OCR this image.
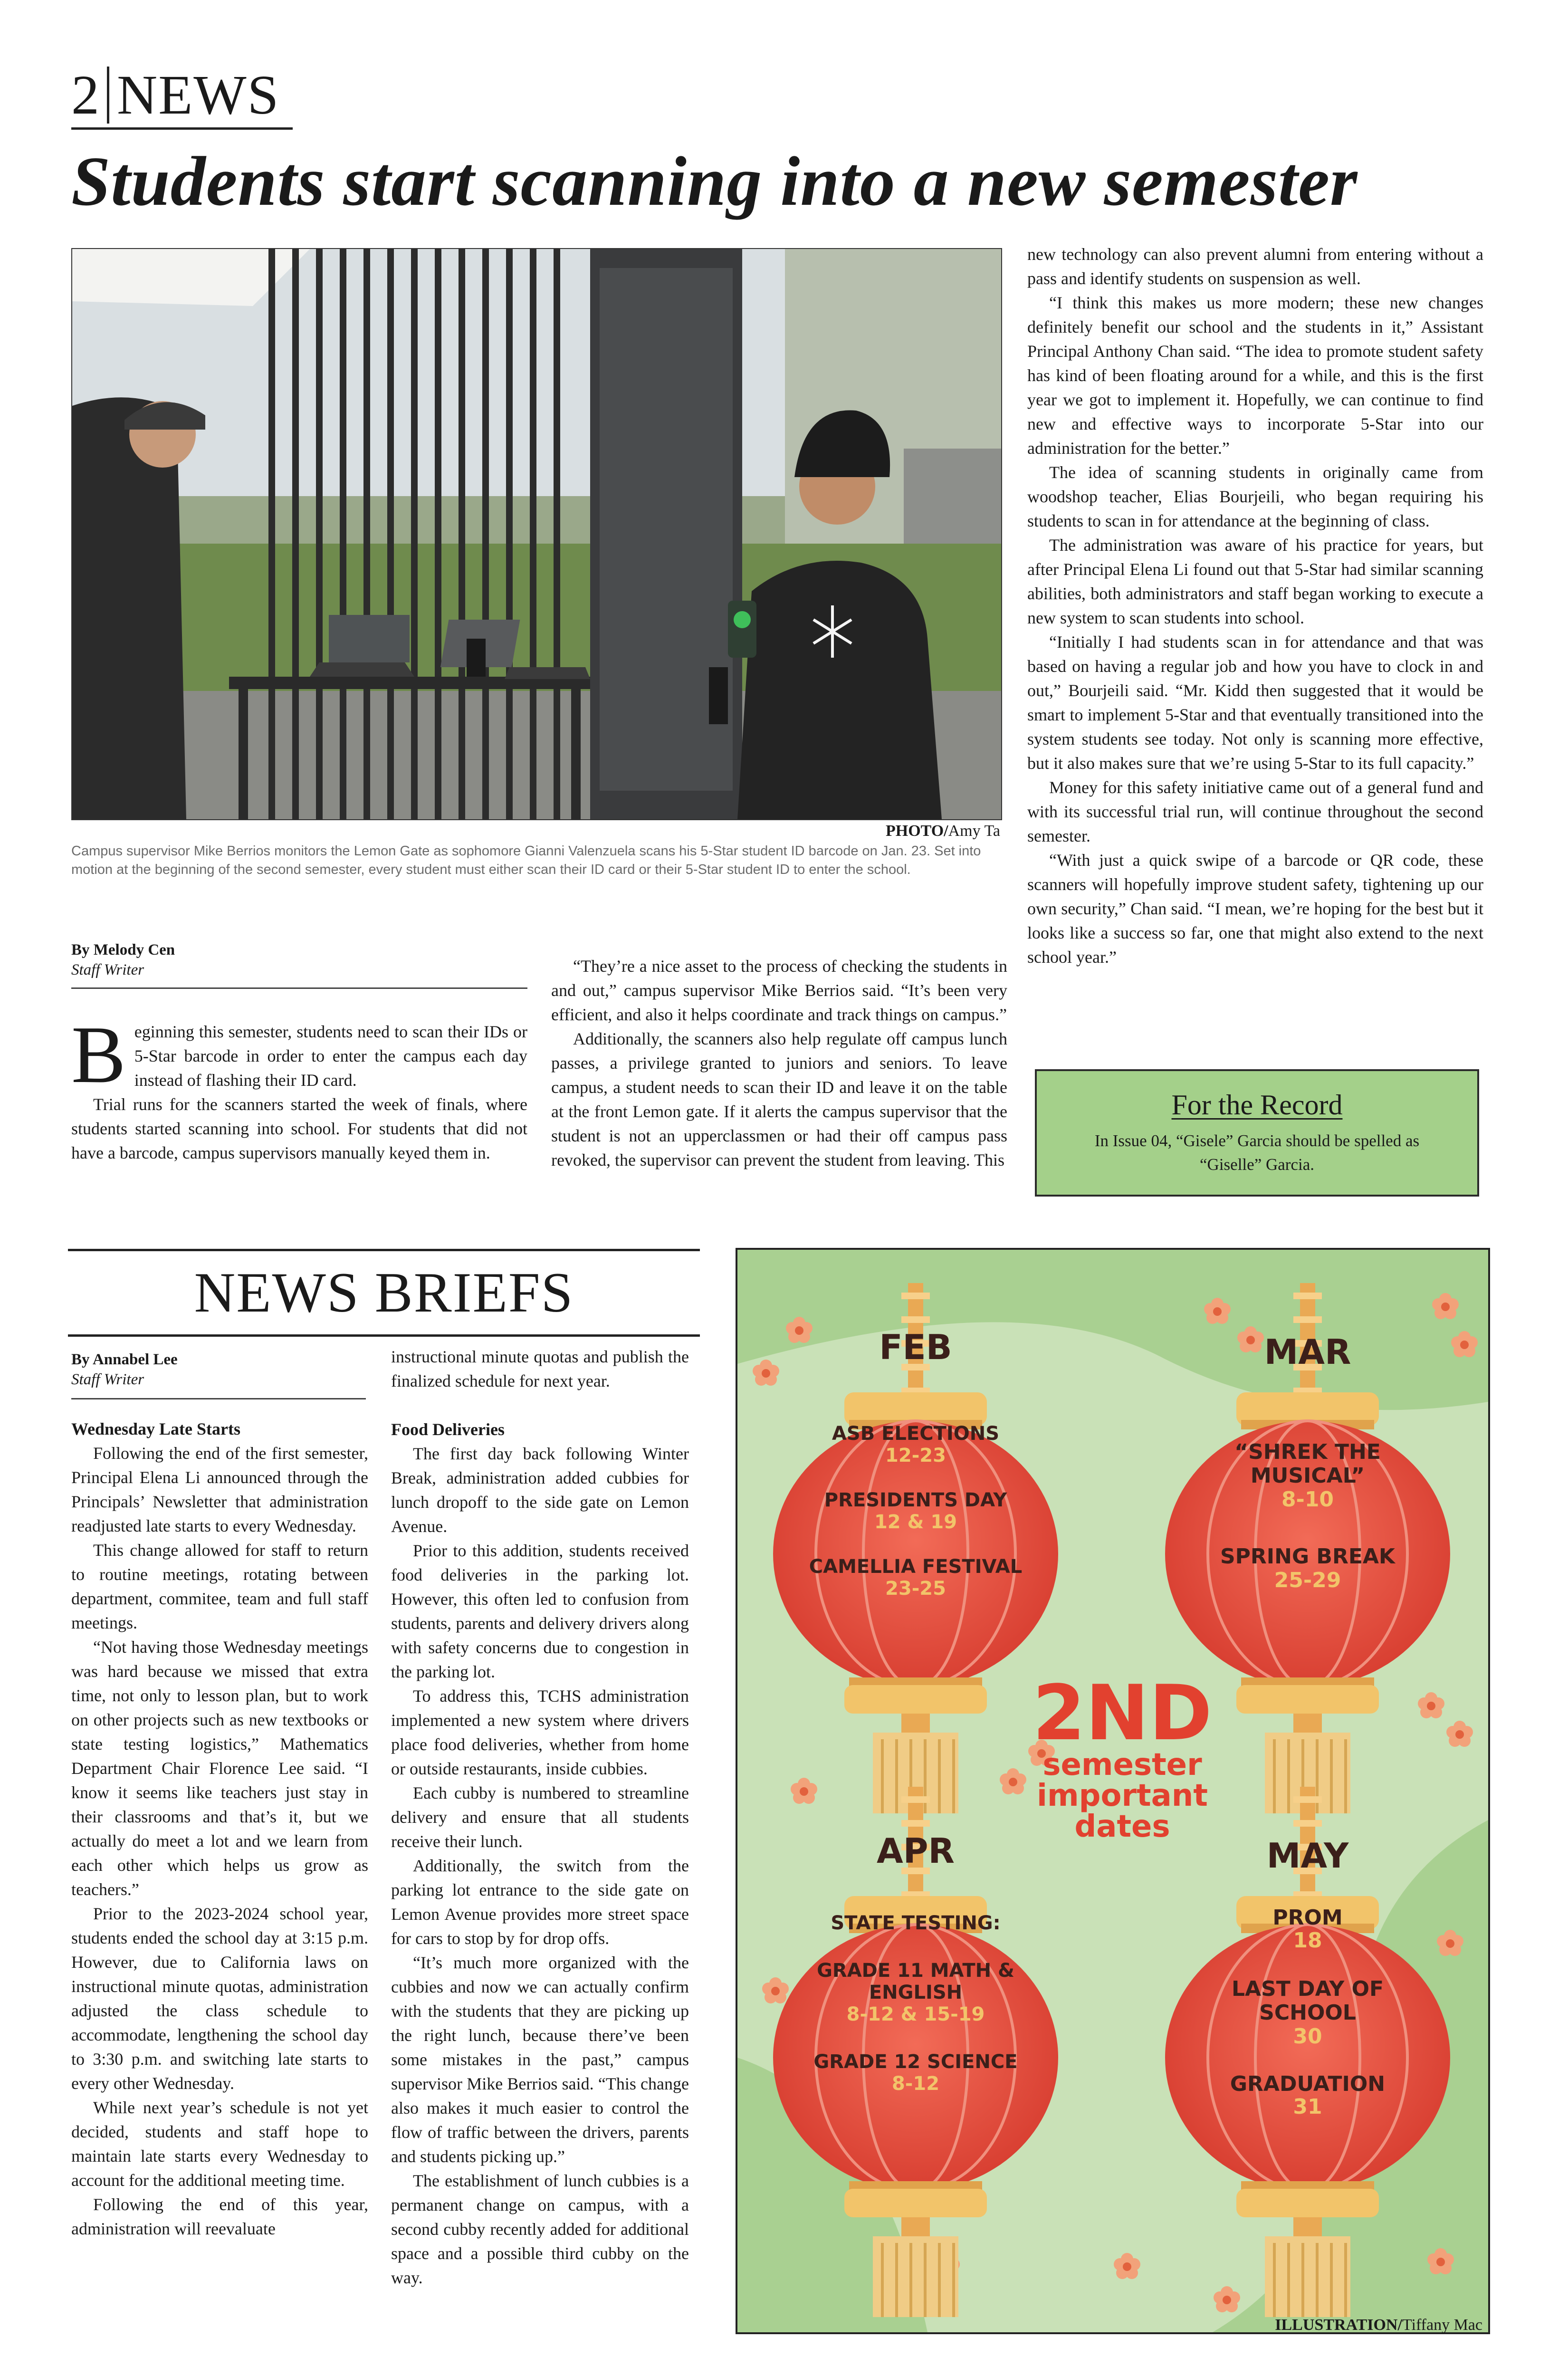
2 NEWS
Students start scanning into a new semester
PHOTO/Amy Ta
Campus supervisor Mike Berrios monitors the Lemon Gate as sophomore Gianni Valenzuela scans his 5-Star student ID barcode on Jan. 23. Set into motion at the beginning of the second semester, every student must either scan their ID card or their 5-Star student ID to enter the school.
By Melody Cen
Staff Writer

Beginning this semester, students need to scan their IDs or 5-Star barcode in order to enter the campus each day instead of flashing their ID card.

Trial runs for the scanners started the week of finals, where students started scanning into school. For students that did not have a barcode, campus supervisors manually keyed them in.

“They’re a nice asset to the process of checking the students in and out,” campus supervisor Mike Berrios said. “It’s been very efficient, and also it helps coordinate and track things on campus.”

Additionally, the scanners also help regulate off campus lunch passes, a privilege granted to juniors and seniors. To leave campus, a student needs to scan their ID and leave it on the table at the front Lemon gate. If it alerts the campus supervisor that the student is not an upperclassmen or had their off campus pass revoked, the supervisor can prevent the student from leaving. This

new technology can also prevent alumni from entering without a pass and identify students on suspension as well.

“I think this makes us more modern; these new changes definitely benefit our school and the students in it,” Assistant Principal Anthony Chan said. “The idea to promote student safety has kind of been floating around for a while, and this is the first year we got to implement it. Hopefully, we can continue to find new and effective ways to incorporate 5-Star into our administration for the better.”

The idea of scanning students in originally came from woodshop teacher, Elias Bourjeili, who began requiring his students to scan in for attendance at the beginning of class.

The administration was aware of his practice for years, but after Principal Elena Li found out that 5-Star had similar scanning abilities, both administrators and staff began working to execute a new system to scan students into school.

“Initially I had students scan in for attendance and that was based on having a regular job and how you have to clock in and out,” Bourjeili said. “Mr. Kidd then suggested that it would be smart to implement 5-Star and that eventually transitioned into the system students see today. Not only is scanning more effective, but it also makes sure that we’re using 5-Star to its full capacity.”

Money for this safety initiative came out of a general fund and with its successful trial run, will continue throughout the second semester.

“With just a quick swipe of a barcode or QR code, these scanners will hopefully improve student safety, tightening up our own security,” Chan said. “I mean, we’re hoping for the best but it looks like a success so far, one that might also extend to the next school year.”

For the Record
In Issue 04, “Gisele” Garcia should be spelled as “Giselle” Garcia.
NEWS BRIEFS
By Annabel Lee
Staff Writer

Wednesday Late Starts

Following the end of the first semester, Principal Elena Li announced through the Principals’ Newsletter that administration readjusted late starts to every Wednesday.

This change allowed for staff to return to routine meetings, rotating between department, commitee, team and full staff meetings.

“Not having those Wednesday meetings was hard because we missed that extra time, not only to lesson plan, but to work on other projects such as new textbooks or state testing logistics,” Mathematics Department Chair Florence Lee said. “I know it seems like teachers just stay in their classrooms and that’s it, but we actually do meet a lot and we learn from each other which helps us grow as teachers.”

Prior to the 2023-2024 school year, students ended the school day at 3:15 p.m. However, due to California laws on instructional minute quotas, administration adjusted the class schedule to accommodate, lengthening the school day to 3:30 p.m. and switching late starts to every other Wednesday.

While next year’s schedule is not yet decided, students and staff hope to maintain late starts every Wednesday to account for the additional meeting time.

Following the end of this year, administration will reevaluate

instructional minute quotas and publish the finalized schedule for next year.

Food Deliveries

The first day back following Winter Break, administration added cubbies for lunch dropoff to the side gate on Lemon Avenue.

Prior to this addition, students received food deliveries in the parking lot. However, this often led to confusion from students, parents and delivery drivers along with safety concerns due to congestion in the parking lot.

To address this, TCHS administration implemented a new system where drivers place food deliveries, whether from home or outside restaurants, inside cubbies.

Each cubby is numbered to streamline delivery and ensure that all students receive their lunch.

Additionally, the switch from the parking lot entrance to the side gate on Lemon Avenue provides more street space for cars to stop by for drop offs.

“It’s much more organized with the cubbies and now we can actually confirm with the students that they are picking up the right lunch, because there’ve been some mistakes in the past,” campus supervisor Mike Berrios said. “This change also makes it much easier to control the flow of traffic between the drivers, parents and students picking up.”

The establishment of lunch cubbies is a permanent change on campus, with a second cubby recently added for additional space and a possible third cubby on the way.

FEB
ASB ELECTIONS
12-23
PRESIDENTS DAY
12 & 19
CAMELLIA FESTIVAL
23-25
MAR
“SHREK THE
MUSICAL”
8-10
SPRING BREAK
25-29
2ND
semester
important
dates
APR
STATE TESTING:
GRADE 11 MATH &
ENGLISH
8-12 & 15-19
GRADE 12 SCIENCE
8-12
MAY
PROM
18
LAST DAY OF
SCHOOL
30
GRADUATION
31
ILLUSTRATION/Tiffany Mac
